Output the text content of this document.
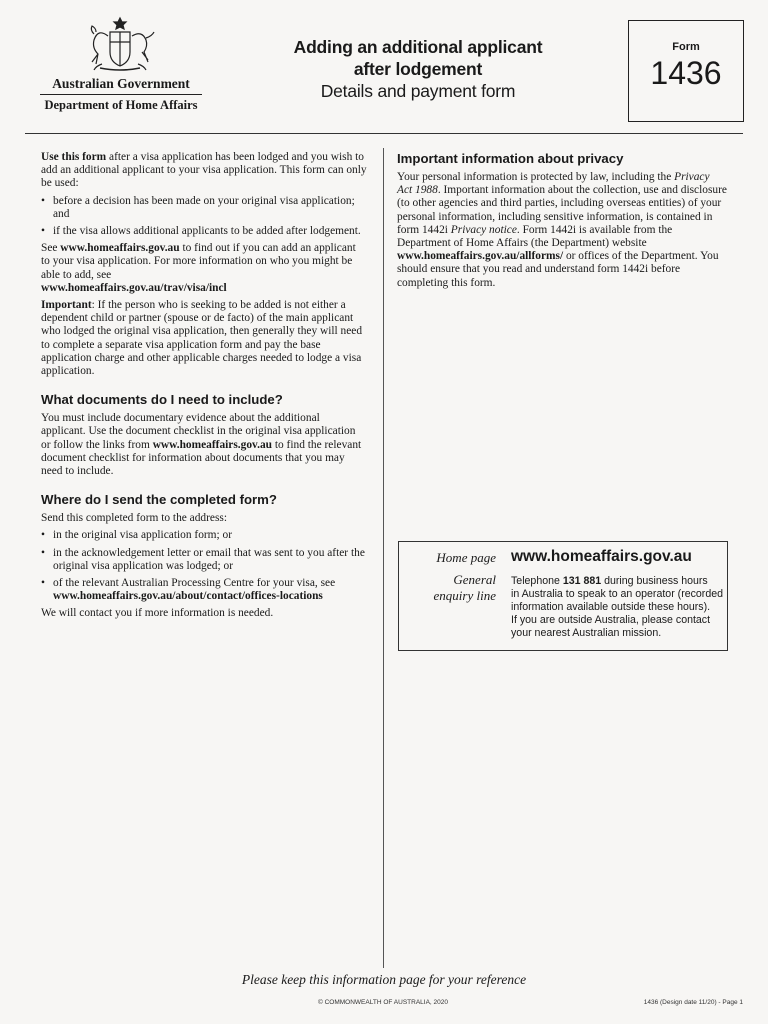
Australian Government
Department of Home Affairs
Adding an additional applicant
after lodgement
Details and payment form
Form
1436

Use this form after a visa application has been lodged and you wish to add an additional applicant to your visa application. This form can only be used:

• before a decision has been made on your original visa application; and
• if the visa allows additional applicants to be added after lodgement.

See www.homeaffairs.gov.au to find out if you can add an applicant to your visa application. For more information on who you might be able to add, see
www.homeaffairs.gov.au/trav/visa/incl

Important: If the person who is seeking to be added is not either a dependent child or partner (spouse or de facto) of the main applicant who lodged the original visa application, then generally they will need to complete a separate visa application form and pay the base application charge and other applicable charges needed to lodge a visa application.

What documents do I need to include?

You must include documentary evidence about the additional applicant. Use the document checklist in the original visa application or follow the links from www.homeaffairs.gov.au to find the relevant document checklist for information about documents that you may need to include.

Where do I send the completed form?

Send this completed form to the address:

• in the original visa application form; or
• in the acknowledgement letter or email that was sent to you after the original visa application was lodged; or
• of the relevant Australian Processing Centre for your visa, see
www.homeaffairs.gov.au/about/contact/offices-locations

We will contact you if more information is needed.

Important information about privacy

Your personal information is protected by law, including the Privacy Act 1988. Important information about the collection, use and disclosure (to other agencies and third parties, including overseas entities) of your personal information, including sensitive information, is contained in form 1442i Privacy notice. Form 1442i is available from the Department of Home Affairs (the Department) website www.homeaffairs.gov.au/allforms/ or offices of the Department. You should ensure that you read and understand form 1442i before completing this form.

Home page www.homeaffairs.gov.au
General
enquiry line
Telephone 131 881 during business hours
in Australia to speak to an operator (recorded
information available outside these hours).
If you are outside Australia, please contact
your nearest Australian mission.
Please keep this information page for your reference
© COMMONWEALTH OF AUSTRALIA, 2020	1436 (Design date 11/20) - Page 1
